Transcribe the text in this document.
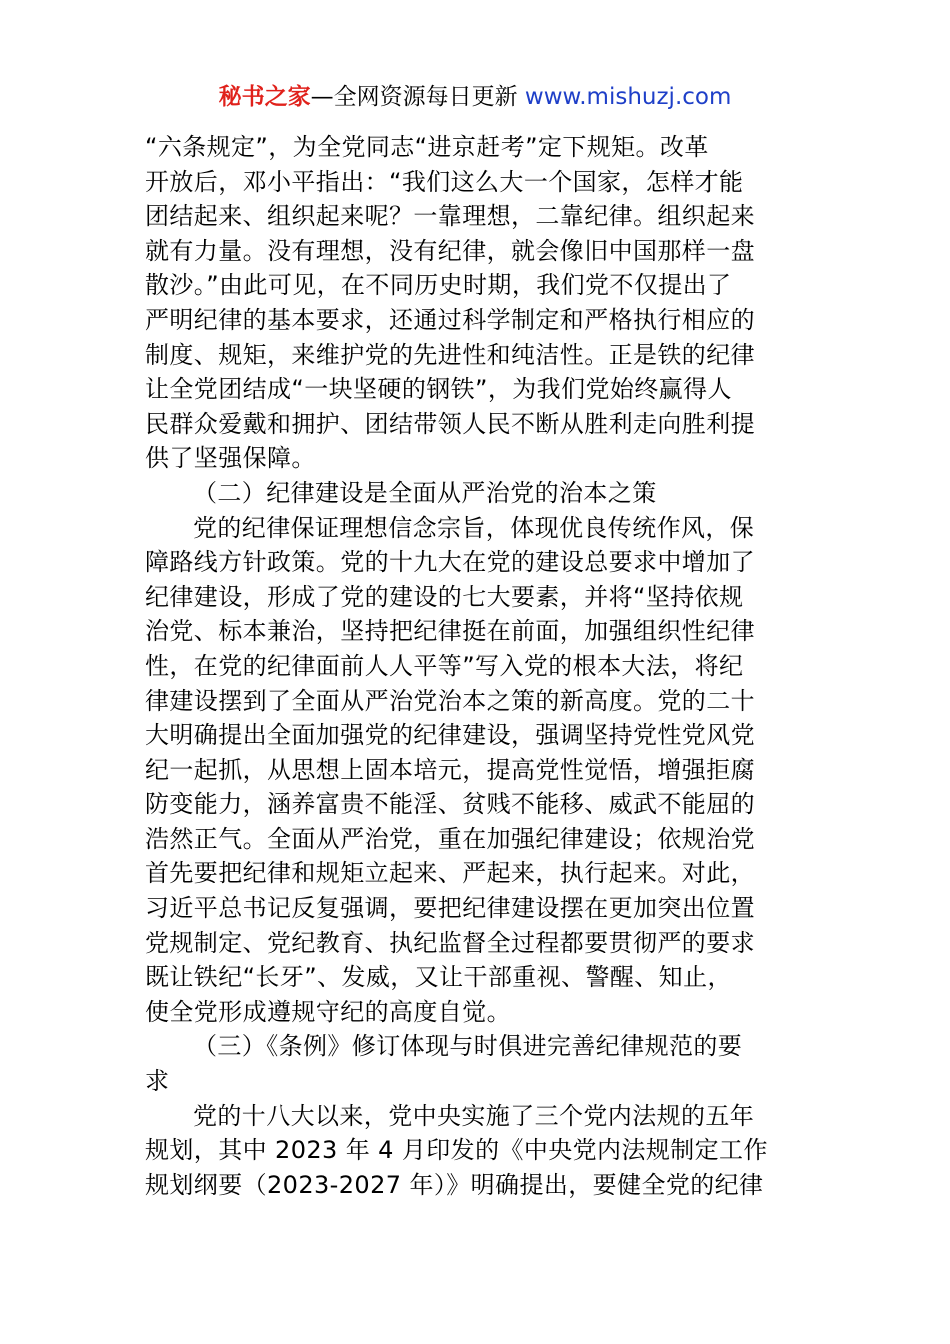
秘书之家—全网资源每日更新 www.mishuzj.com
“六条规定”，为全党同志“进京赶考”定下规矩。改革
开放后，邓小平指出：“我们这么大一个国家，怎样才能
团结起来、组织起来呢？一靠理想，二靠纪律。组织起来
就有力量。没有理想，没有纪律，就会像旧中国那样一盘
散沙。”由此可见，在不同历史时期，我们党不仅提出了
严明纪律的基本要求，还通过科学制定和严格执行相应的
制度、规矩，来维护党的先进性和纯洁性。正是铁的纪律
让全党团结成“一块坚硬的钢铁”，为我们党始终赢得人
民群众爱戴和拥护、团结带领人民不断从胜利走向胜利提
供了坚强保障。
（二）纪律建设是全面从严治党的治本之策
党的纪律保证理想信念宗旨，体现优良传统作风，保
障路线方针政策。党的十九大在党的建设总要求中增加了
纪律建设，形成了党的建设的七大要素，并将“坚持依规
治党、标本兼治，坚持把纪律挺在前面，加强组织性纪律
性，在党的纪律面前人人平等”写入党的根本大法，将纪
律建设摆到了全面从严治党治本之策的新高度。党的二十
大明确提出全面加强党的纪律建设，强调坚持党性党风党
纪一起抓，从思想上固本培元，提高党性觉悟，增强拒腐
防变能力，涵养富贵不能淫、贫贱不能移、威武不能屈的
浩然正气。全面从严治党，重在加强纪律建设；依规治党
首先要把纪律和规矩立起来、严起来，执行起来。对此，
习近平总书记反复强调，要把纪律建设摆在更加突出位置
党规制定、党纪教育、执纪监督全过程都要贯彻严的要求
既让铁纪“长牙”、发威，又让干部重视、警醒、知止，
使全党形成遵规守纪的高度自觉。
（三）《条例》修订体现与时俱进完善纪律规范的要
求
党的十八大以来，党中央实施了三个党内法规的五年
规划，其中 2023 年 4 月印发的《中央党内法规制定工作
规划纲要（2023-2027 年）》明确提出，要健全党的纪律
